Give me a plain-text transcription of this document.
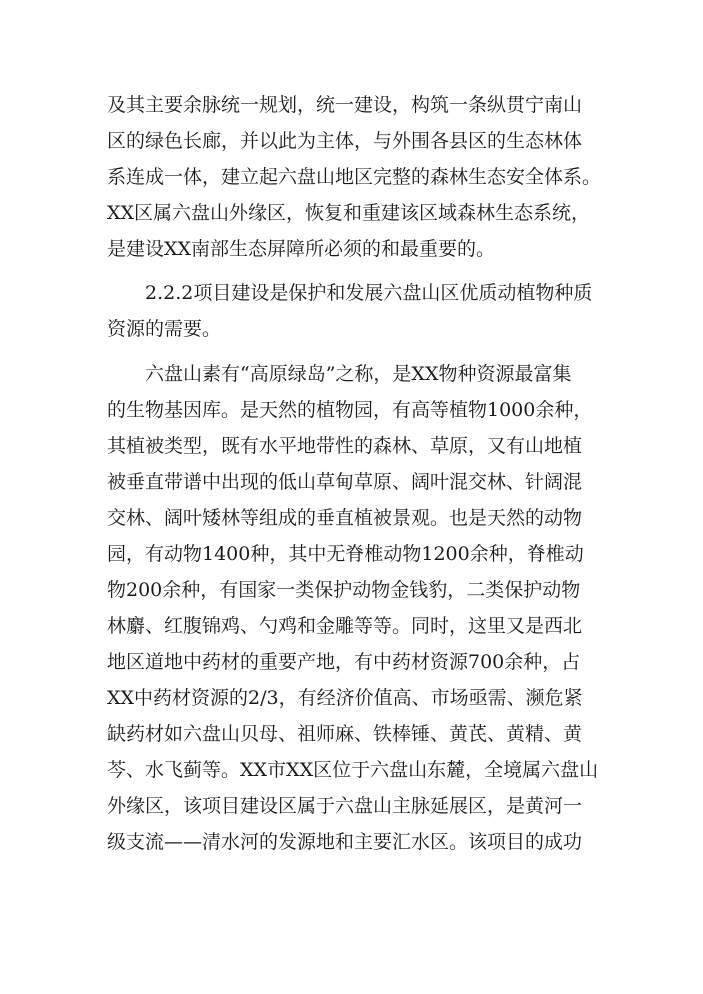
及其主要余脉统一规划，统一建设，构筑一条纵贯宁南山
区的绿色长廊，并以此为主体，与外围各县区的生态林体
系连成一体，建立起六盘山地区完整的森林生态安全体系。
XX区属六盘山外缘区，恢复和重建该区域森林生态系统，
是建设XX南部生态屏障所必须的和最重要的。
2.2.2项目建设是保护和发展六盘山区优质动植物种质
资源的需要。
六盘山素有“高原绿岛”之称，是XX物种资源最富集
的生物基因库。是天然的植物园，有高等植物1000余种，
其植被类型，既有水平地带性的森林、草原，又有山地植
被垂直带谱中出现的低山草甸草原、阔叶混交林、针阔混
交林、阔叶矮林等组成的垂直植被景观。也是天然的动物
园，有动物1400种，其中无脊椎动物1200余种，脊椎动
物200余种，有国家一类保护动物金钱豹，二类保护动物
林麝、红腹锦鸡、勺鸡和金雕等等。同时，这里又是西北
地区道地中药材的重要产地，有中药材资源700余种，占
XX中药材资源的2/3，有经济价值高、市场亟需、濒危紧
缺药材如六盘山贝母、祖师麻、铁棒锤、黄芪、黄精、黄
芩、水飞蓟等。XX市XX区位于六盘山东麓，全境属六盘山
外缘区，该项目建设区属于六盘山主脉延展区，是黄河一
级支流——清水河的发源地和主要汇水区。该项目的成功
